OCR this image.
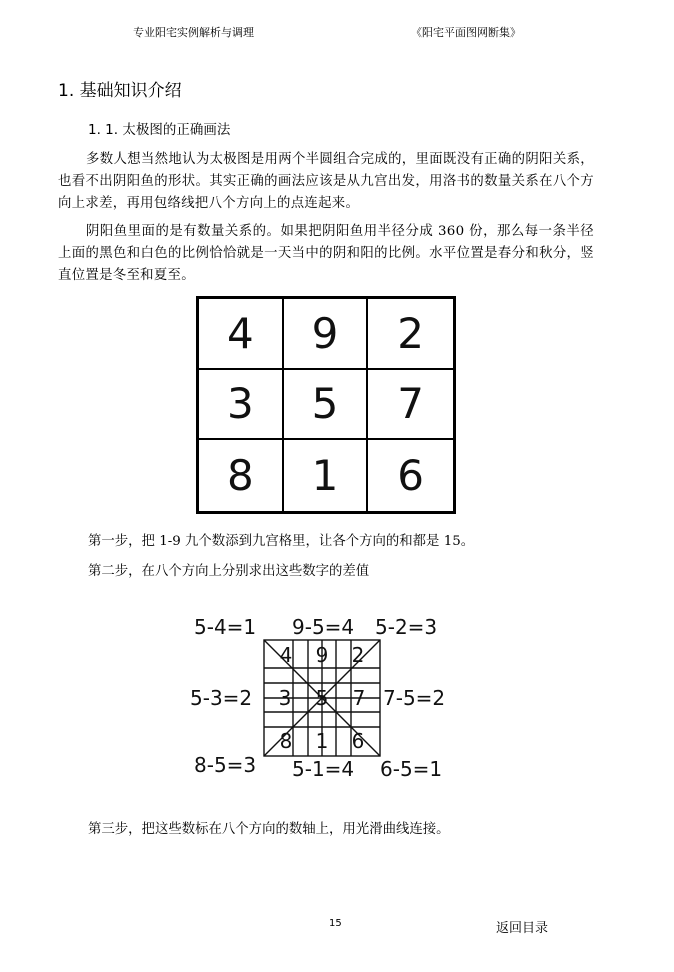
专业阳宅实例解析与调理	《阳宅平面图网断集》
1. 基础知识介绍
1. 1. 太极图的正确画法
多数人想当然地认为太极图是用两个半圆组合完成的，里面既没有正确的阴阳关系，也看不出阴阳鱼的形状。其实正确的画法应该是从九宫出发，用洛书的数量关系在八个方向上求差，再用包络线把八个方向上的点连起来。
阴阳鱼里面的是有数量关系的。如果把阴阳鱼用半径分成 360 份，那么每一条半径上面的黑色和白色的比例恰恰就是一天当中的阴和阳的比例。水平位置是春分和秋分，竖直位置是冬至和夏至。
4	9	2
3	5	7
8	1	6
第一步，把 1-9 九个数添到九宫格里，让各个方向的和都是 15。
第二步，在八个方向上分别求出这些数字的差值
4 9 2
3 5 7
8 1 6
5-4=1 9-5=4 5-2=3
5-3=2	7-5=2
8-5=3 5-1=4 6-5=1
第三步，把这些数标在八个方向的数轴上，用光滑曲线连接。
15	返回目录
